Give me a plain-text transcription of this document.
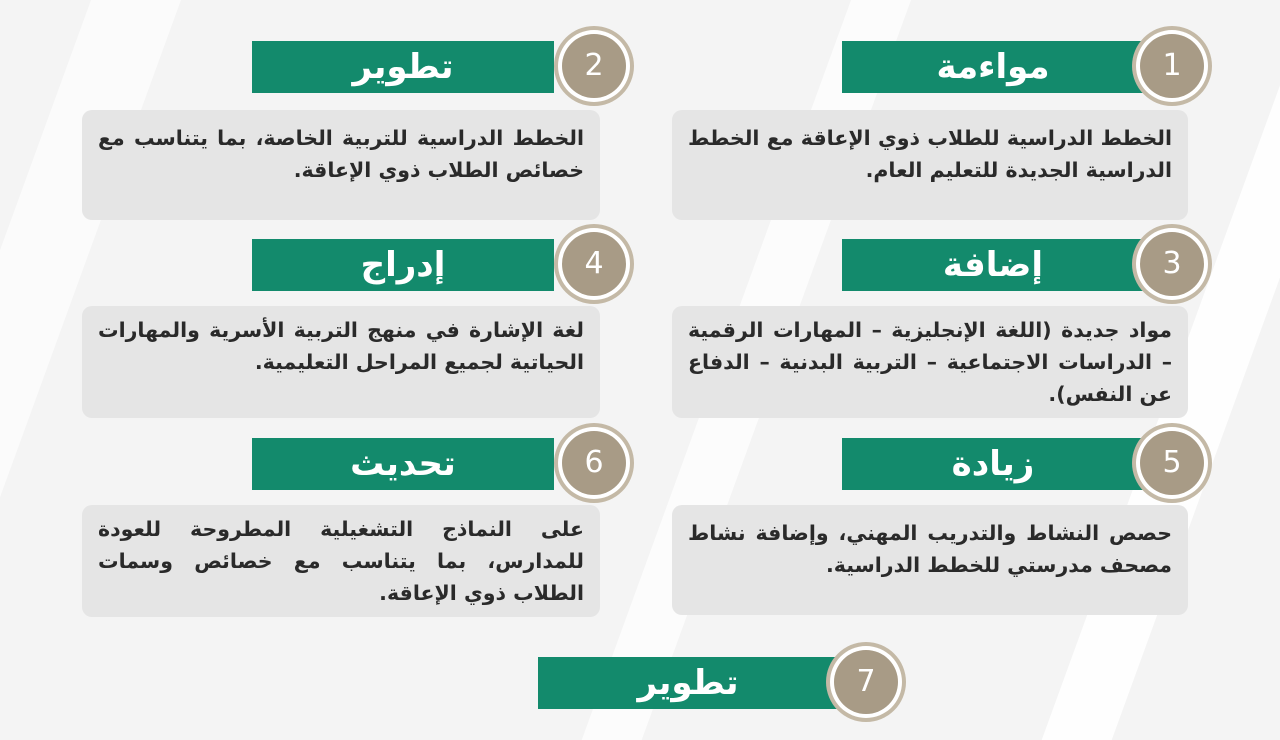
مواءمة	1
الخطط الدراسية للطلاب ذوي الإعاقة مع الخطط الدراسية الجديدة للتعليم العام.
تطوير	2
الخطط الدراسية للتربية الخاصة، بما يتناسب مع خصائص الطلاب ذوي الإعاقة.
إضافة	3
مواد جديدة (اللغة الإنجليزية – المهارات الرقمية – الدراسات الاجتماعية – التربية البدنية – الدفاع عن النفس).
إدراج	4
لغة الإشارة في منهج التربية الأسرية والمهارات الحياتية لجميع المراحل التعليمية.
زيادة	5
حصص النشاط والتدريب المهني، وإضافة نشاط مصحف مدرستي للخطط الدراسية.
تحديث	6
على النماذج التشغيلية المطروحة للعودة للمدارس، بما يتناسب مع خصائص وسمات الطلاب ذوي الإعاقة.
تطوير	7
